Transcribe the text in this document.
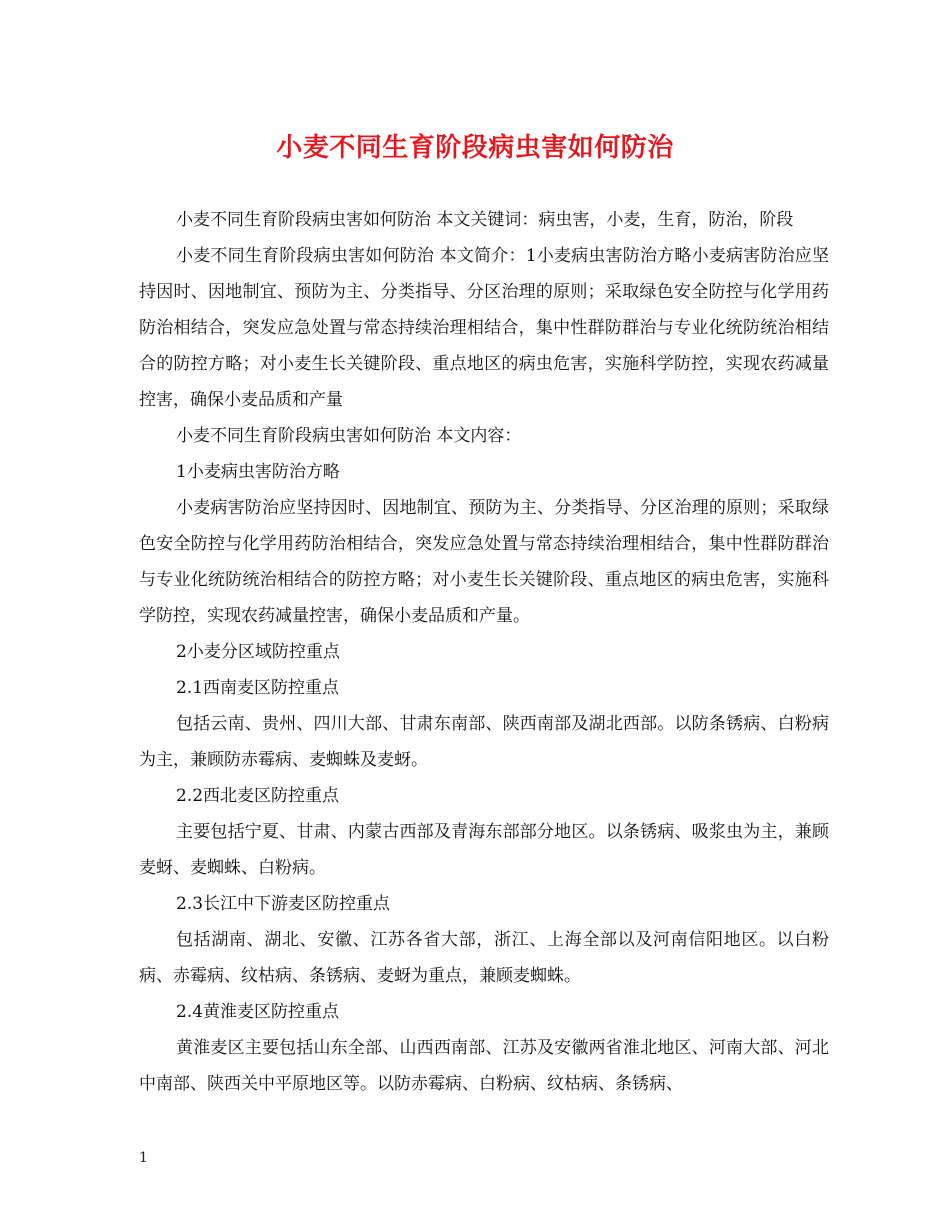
小麦不同生育阶段病虫害如何防治

小麦不同生育阶段病虫害如何防治 本文关键词：病虫害，小麦，生育，防治，阶段

小麦不同生育阶段病虫害如何防治 本文简介：1小麦病虫害防治方略小麦病害防治应坚持因时、因地制宜、预防为主、分类指导、分区治理的原则；采取绿色安全防控与化学用药防治相结合，突发应急处置与常态持续治理相结合，集中性群防群治与专业化统防统治相结合的防控方略；对小麦生长关键阶段、重点地区的病虫危害，实施科学防控，实现农药减量控害，确保小麦品质和产量

小麦不同生育阶段病虫害如何防治 本文内容：

1小麦病虫害防治方略

小麦病害防治应坚持因时、因地制宜、预防为主、分类指导、分区治理的原则；采取绿色安全防控与化学用药防治相结合，突发应急处置与常态持续治理相结合，集中性群防群治与专业化统防统治相结合的防控方略；对小麦生长关键阶段、重点地区的病虫危害，实施科学防控，实现农药减量控害，确保小麦品质和产量。

2小麦分区域防控重点

2.1西南麦区防控重点

包括云南、贵州、四川大部、甘肃东南部、陕西南部及湖北西部。以防条锈病、白粉病为主，兼顾防赤霉病、麦蜘蛛及麦蚜。

2.2西北麦区防控重点

主要包括宁夏、甘肃、内蒙古西部及青海东部部分地区。以条锈病、吸浆虫为主，兼顾麦蚜、麦蜘蛛、白粉病。

2.3长江中下游麦区防控重点

包括湖南、湖北、安徽、江苏各省大部，浙江、上海全部以及河南信阳地区。以白粉病、赤霉病、纹枯病、条锈病、麦蚜为重点，兼顾麦蜘蛛。

2.4黄淮麦区防控重点

黄淮麦区主要包括山东全部、山西西南部、江苏及安徽两省淮北地区、河南大部、河北中南部、陕西关中平原地区等。以防赤霉病、白粉病、纹枯病、条锈病、

1
